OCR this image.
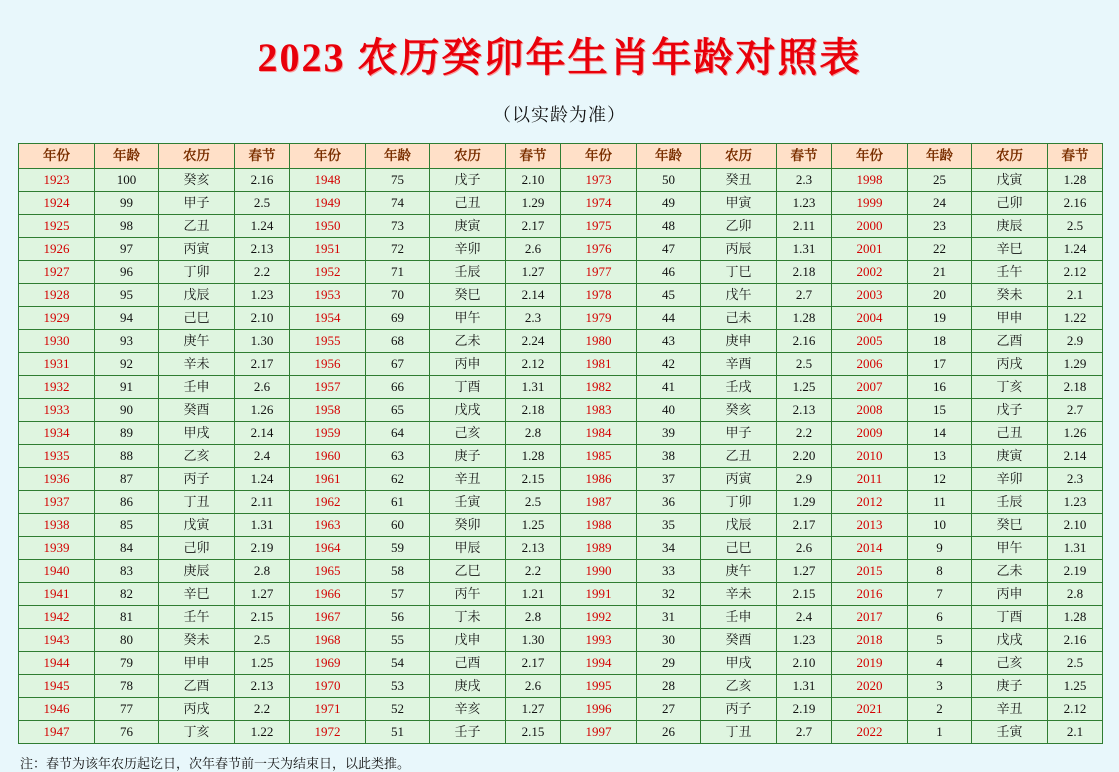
2023 农历癸卯年生肖年龄对照表
（以实龄为准）
年份	年龄	农历	春节	年份	年龄	农历	春节	年份	年龄	农历	春节	年份	年龄	农历	春节
1923	100	癸亥	2.16	1948	75	戊子	2.10	1973	50	癸丑	2.3	1998	25	戊寅	1.28
1924	99	甲子	2.5	1949	74	己丑	1.29	1974	49	甲寅	1.23	1999	24	己卯	2.16
1925	98	乙丑	1.24	1950	73	庚寅	2.17	1975	48	乙卯	2.11	2000	23	庚辰	2.5
1926	97	丙寅	2.13	1951	72	辛卯	2.6	1976	47	丙辰	1.31	2001	22	辛巳	1.24
1927	96	丁卯	2.2	1952	71	壬辰	1.27	1977	46	丁巳	2.18	2002	21	壬午	2.12
1928	95	戊辰	1.23	1953	70	癸巳	2.14	1978	45	戊午	2.7	2003	20	癸未	2.1
1929	94	己巳	2.10	1954	69	甲午	2.3	1979	44	己未	1.28	2004	19	甲申	1.22
1930	93	庚午	1.30	1955	68	乙未	2.24	1980	43	庚申	2.16	2005	18	乙酉	2.9
1931	92	辛未	2.17	1956	67	丙申	2.12	1981	42	辛酉	2.5	2006	17	丙戌	1.29
1932	91	壬申	2.6	1957	66	丁酉	1.31	1982	41	壬戌	1.25	2007	16	丁亥	2.18
1933	90	癸酉	1.26	1958	65	戊戌	2.18	1983	40	癸亥	2.13	2008	15	戊子	2.7
1934	89	甲戌	2.14	1959	64	己亥	2.8	1984	39	甲子	2.2	2009	14	己丑	1.26
1935	88	乙亥	2.4	1960	63	庚子	1.28	1985	38	乙丑	2.20	2010	13	庚寅	2.14
1936	87	丙子	1.24	1961	62	辛丑	2.15	1986	37	丙寅	2.9	2011	12	辛卯	2.3
1937	86	丁丑	2.11	1962	61	壬寅	2.5	1987	36	丁卯	1.29	2012	11	壬辰	1.23
1938	85	戊寅	1.31	1963	60	癸卯	1.25	1988	35	戊辰	2.17	2013	10	癸巳	2.10
1939	84	己卯	2.19	1964	59	甲辰	2.13	1989	34	己巳	2.6	2014	9	甲午	1.31
1940	83	庚辰	2.8	1965	58	乙巳	2.2	1990	33	庚午	1.27	2015	8	乙未	2.19
1941	82	辛巳	1.27	1966	57	丙午	1.21	1991	32	辛未	2.15	2016	7	丙申	2.8
1942	81	壬午	2.15	1967	56	丁未	2.8	1992	31	壬申	2.4	2017	6	丁酉	1.28
1943	80	癸未	2.5	1968	55	戊申	1.30	1993	30	癸酉	1.23	2018	5	戊戌	2.16
1944	79	甲申	1.25	1969	54	己酉	2.17	1994	29	甲戌	2.10	2019	4	己亥	2.5
1945	78	乙酉	2.13	1970	53	庚戌	2.6	1995	28	乙亥	1.31	2020	3	庚子	1.25
1946	77	丙戌	2.2	1971	52	辛亥	1.27	1996	27	丙子	2.19	2021	2	辛丑	2.12
1947	76	丁亥	1.22	1972	51	壬子	2.15	1997	26	丁丑	2.7	2022	1	壬寅	2.1
注：春节为该年农历起讫日，次年春节前一天为结束日，以此类推。
